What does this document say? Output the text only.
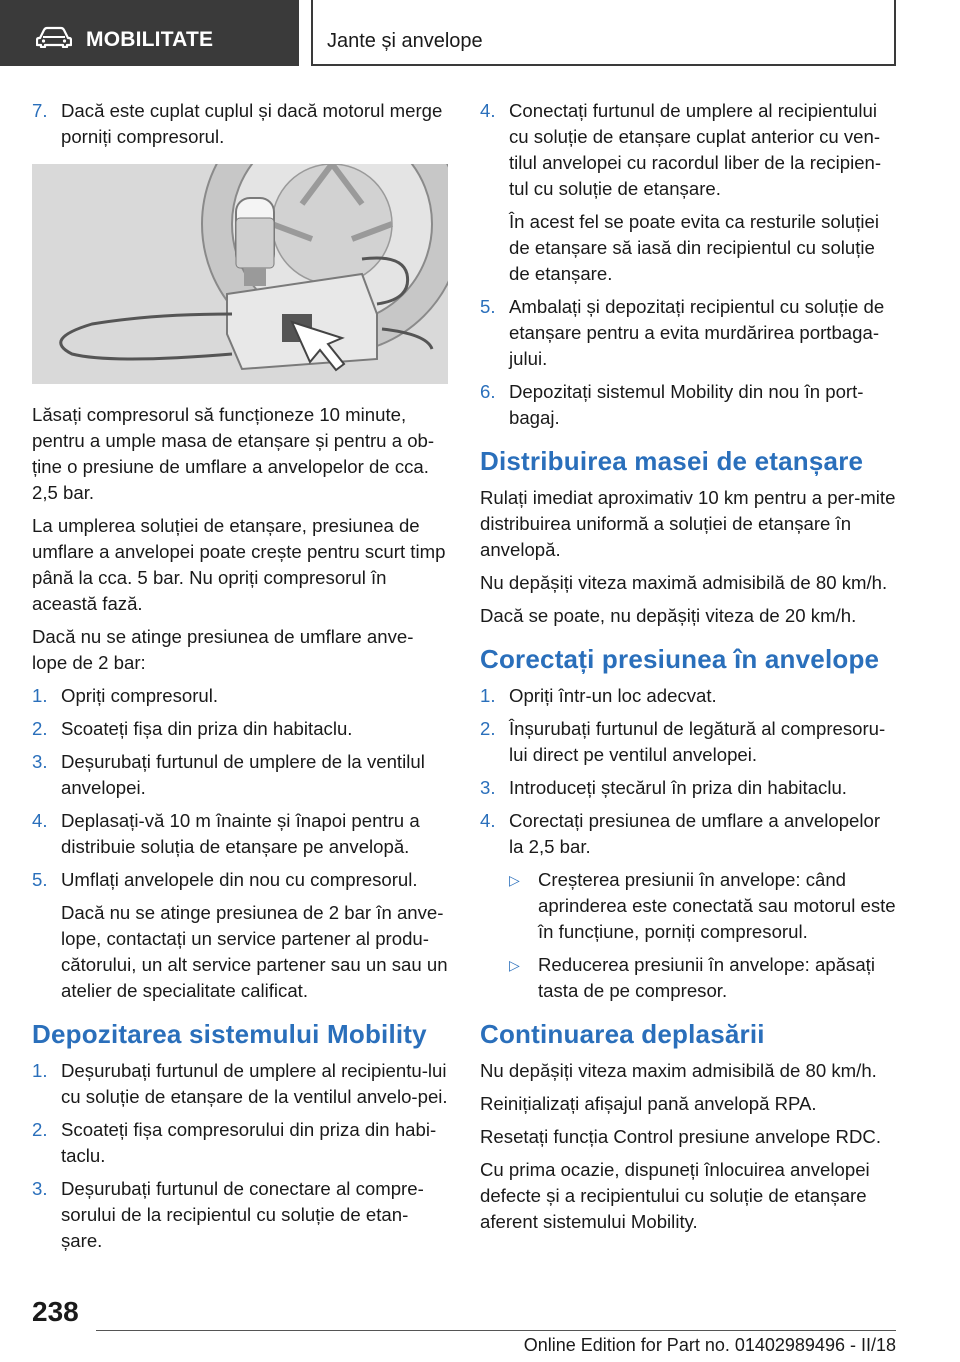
MOBILITATE	Jante și anvelope
7. Dacă este cuplat cuplul și dacă motorul merge porniți compresorul.

Lăsați compresorul să funcționeze 10 minute, pentru a umple masa de etanșare și pentru a ob‐ține o presiune de umflare a anvelopelor de cca. 2,5 bar.

La umplerea soluției de etanșare, presiunea de umflare a anvelopei poate crește pentru scurt timp până la cca. 5 bar. Nu opriți compresorul în această fază.

Dacă nu se atinge presiunea de umflare anve‐lope de 2 bar:

1. Opriți compresorul.
2. Scoateți fișa din priza din habitaclu.
3. Deșurubați furtunul de umplere de la ventilul anvelopei.
4. Deplasați-vă 10 m înainte și înapoi pentru a distribuie soluția de etanșare pe anvelopă.
5. Umflați anvelopele din nou cu compresorul.

Dacă nu se atinge presiunea de 2 bar în anve‐lope, contactați un service partener al produ‐cătorului, un alt service partener sau un sau un atelier de specialitate calificat.

Depozitarea sistemului Mobility
1. Deșurubați furtunul de umplere al recipientu‐lui cu soluție de etanșare de la ventilul anvelo‐pei.
2. Scoateți fișa compresorului din priza din habi‐taclu.
3. Deșurubați furtunul de conectare al compre‐sorului de la recipientul cu soluție de etan‐șare.
4. Conectați furtunul de umplere al recipientului cu soluție de etanșare cuplat anterior cu ven‐tilul anvelopei cu racordul liber de la recipien‐tul cu soluție de etanșare.

În acest fel se poate evita ca resturile soluției de etanșare să iasă din recipientul cu soluție de etanșare.

5. Ambalați și depozitați recipientul cu soluție de etanșare pentru a evita murdărirea portbaga‐jului.
6. Depozitați sistemul Mobility din nou în port‐bagaj.
Distribuirea masei de etanșare

Rulați imediat aproximativ 10 km pentru a per‐mite distribuirea uniformă a soluției de etanșare în anvelopă.

Nu depășiți viteza maximă admisibilă de 80 km/h.

Dacă se poate, nu depășiți viteza de 20 km/h.

Corectați presiunea în anvelope
1. Opriți într-un loc adecvat.
2. Înșurubați furtunul de legătură al compresoru‐lui direct pe ventilul anvelopei.
3. Introduceți ștecărul în priza din habitaclu.
4. Corectați presiunea de umflare a anvelopelor la 2,5 bar.
▷ Creșterea presiunii în anvelope: când aprinderea este conectată sau motorul este în funcțiune, porniți compresorul.
▷ Reducerea presiunii în anvelope: apăsați tasta de pe compresor.
Continuarea deplasării

Nu depășiți viteza maxim admisibilă de 80 km/h.

Reinițializați afișajul pană anvelopă RPA.

Resetați funcția Control presiune anvelope RDC.

Cu prima ocazie, dispuneți înlocuirea anvelopei defecte și a recipientului cu soluție de etanșare aferent sistemului Mobility.

238
Online Edition for Part no. 01402989496 - II/18
